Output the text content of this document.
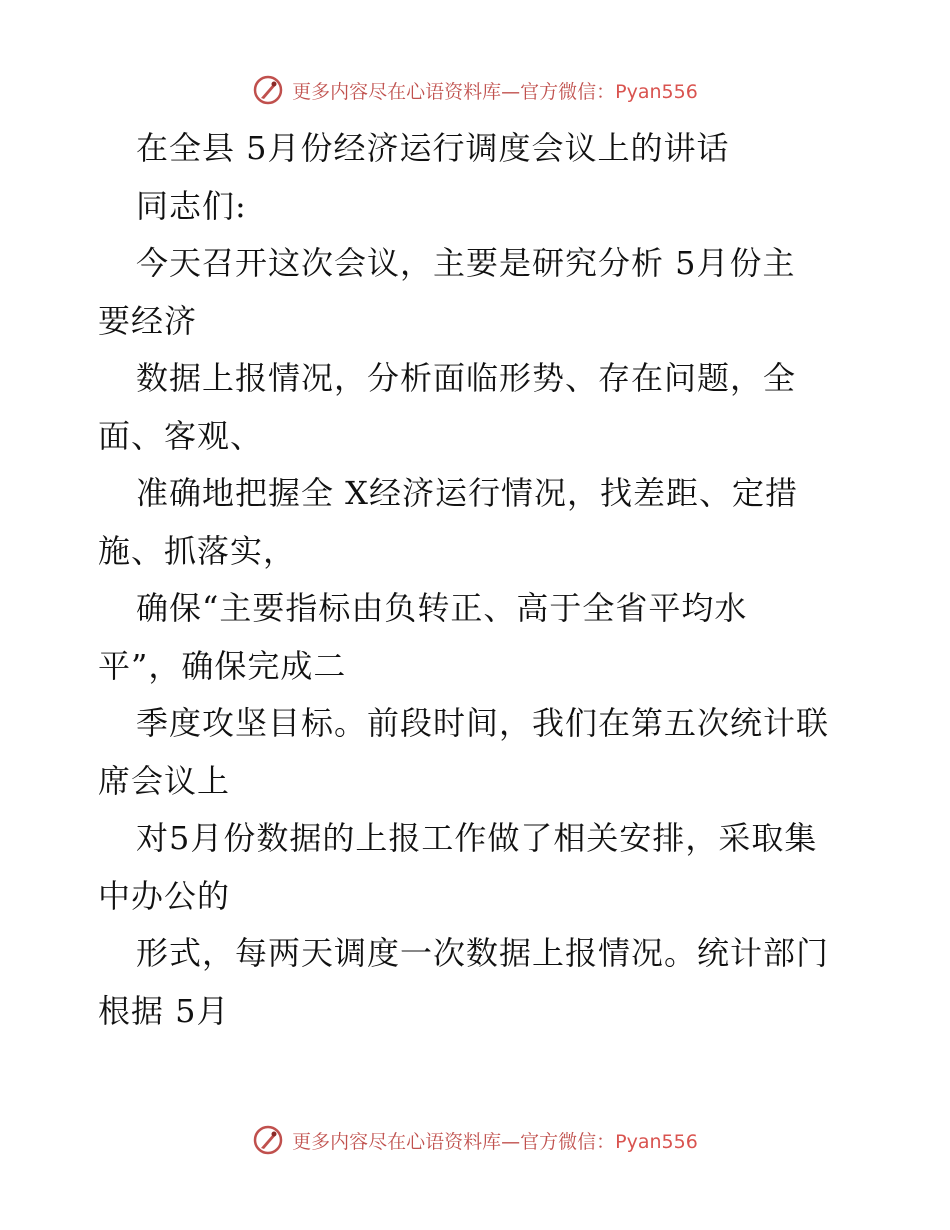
更多内容尽在心语资料库—官方微信：Pyan556
在全县 5月份经济运行调度会议上的讲话
同志们:
今天召开这次会议，主要是研究分析 5月份主
要经济
数据上报情况，分析面临形势、存在问题，全
面、客观、
准确地把握全 X经济运行情况，找差距、定措
施、抓落实，
确保“主要指标由负转正、高于全省平均水
平”，确保完成二
季度攻坚目标。前段时间，我们在第五次统计联
席会议上
对5月份数据的上报工作做了相关安排，采取集
中办公的
形式，每两天调度一次数据上报情况。统计部门
根据 5月
更多内容尽在心语资料库—官方微信：Pyan556
